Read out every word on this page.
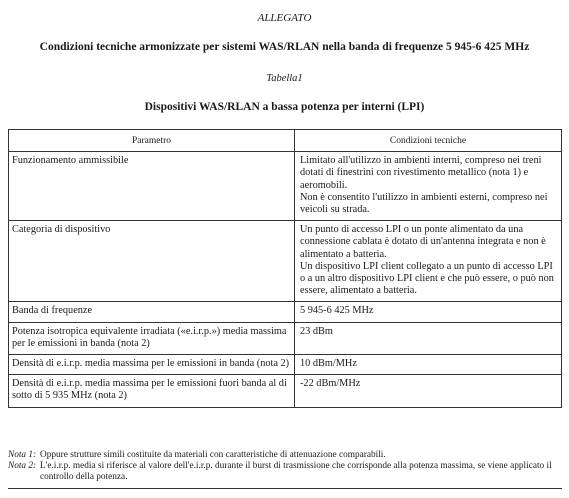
ALLEGATO
Condizioni tecniche armonizzate per sistemi WAS/RLAN nella banda di frequenze 5 945-6 425 MHz
Tabella1
Dispositivi WAS/RLAN a bassa potenza per interni (LPI)
Parametro	Condizioni tecniche
Funzionamento ammissibile	Limitato all'utilizzo in ambienti interni, compreso nei treni dotati di finestrini con rivestimento metallico (nota 1) e aeromobili.
Non è consentito l'utilizzo in ambienti esterni, compreso nei veicoli su strada.

Categoria di dispositivo	Un punto di accesso LPI o un ponte alimentato da una connessione cablata è dotato di un'antenna integrata e non è alimentato a batteria.
Un dispositivo LPI client collegato a un punto di accesso LPI o a un altro dispositivo LPI client e che può essere, o può non essere, alimentato a batteria.

Banda di frequenze	5 945-6 425 MHz

Potenza isotropica equivalente irradiata («e.i.r.p.») media massima per le emissioni in banda (nota 2)	23 dBm

Densità di e.i.r.p. media massima per le emissioni in banda (nota 2)	10 dBm/MHz

Densità di e.i.r.p. media massima per le emissioni fuori banda al di sotto di 5 935 MHz (nota 2)	-22 dBm/MHz
Nota 1: Oppure strutture simili costituite da materiali con caratteristiche di attenuazione comparabili.
Nota 2: L'e.i.r.p. media si riferisce al valore dell'e.i.r.p. durante il burst di trasmissione che corrisponde alla potenza massima, se viene applicato il controllo della potenza.
